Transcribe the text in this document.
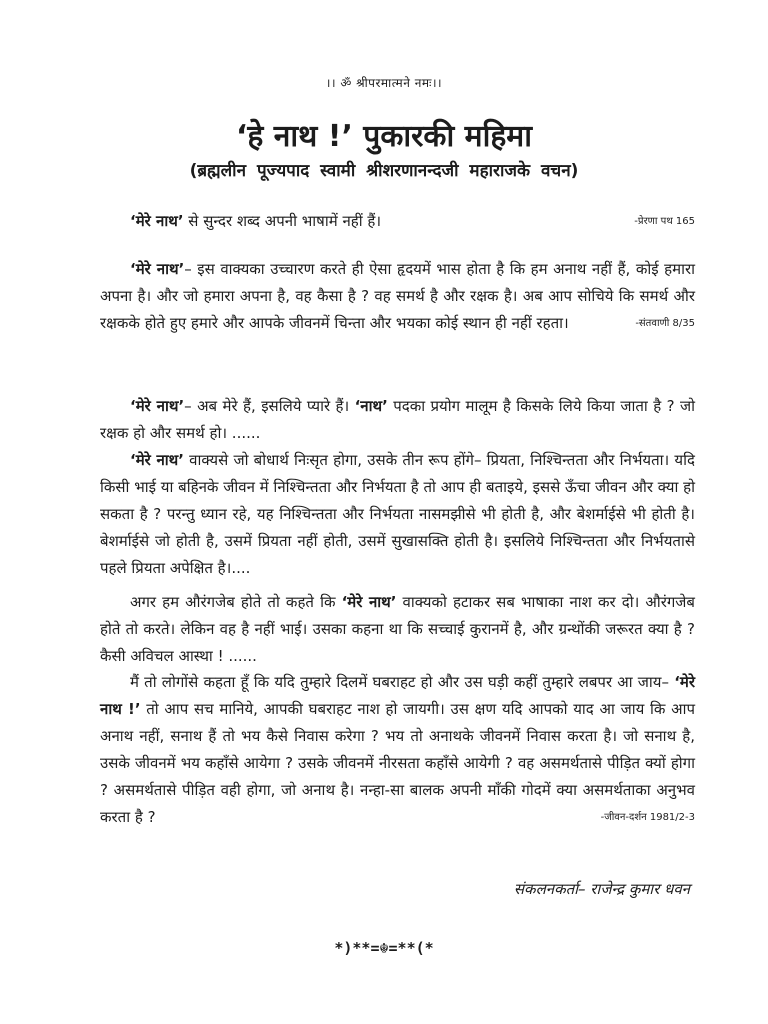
।। ॐ श्रीपरमात्मने नमः।।
‘हे नाथ !’ पुकारकी महिमा
(ब्रह्मलीन पूज्यपाद स्वामी श्रीशरणानन्दजी महाराजके वचन)
-प्रेरणा पथ 165
‘मेरे नाथ’ से सुन्दर शब्द अपनी भाषामें नहीं हैं।
‘मेरे नाथ’– इस वाक्यका उच्चारण करते ही ऐसा हृदयमें भास होता है कि हम अनाथ नहीं हैं, कोई हमारा अपना है। और जो हमारा अपना है, वह कैसा है ? वह समर्थ है और रक्षक है। अब आप सोचिये कि समर्थ और रक्षकके होते हुए हमारे और आपके जीवनमें चिन्ता और भयका कोई स्थान ही नहीं रहता।	-संतवाणी 8/35
‘मेरे नाथ’– अब मेरे हैं, इसलिये प्यारे हैं। ‘नाथ’ पदका प्रयोग मालूम है किसके लिये किया जाता है ? जो रक्षक हो और समर्थ हो। ......
‘मेरे नाथ’ वाक्यसे जो बोधार्थ निःसृत होगा, उसके तीन रूप होंगे– प्रियता, निश्चिन्तता और निर्भयता। यदि किसी भाई या बहिनके जीवन में निश्चिन्तता और निर्भयता है तो आप ही बताइये, इससे ऊँचा जीवन और क्या हो सकता है ? परन्तु ध्यान रहे, यह निश्चिन्तता और निर्भयता नासमझीसे भी होती है, और बेशर्माईसे भी होती है। बेशर्माईसे जो होती है, उसमें प्रियता नहीं होती, उसमें सुखासक्ति होती है। इसलिये निश्चिन्तता और निर्भयतासे पहले प्रियता अपेक्षित है।....
अगर हम औरंगजेब होते तो कहते कि ‘मेरे नाथ’ वाक्यको हटाकर सब भाषाका नाश कर दो। औरंगजेब होते तो करते। लेकिन वह है नहीं भाई। उसका कहना था कि सच्चाई कुरानमें है, और ग्रन्थोंकी जरूरत क्या है ? कैसी अविचल आस्था ! ......
मैं तो लोगोंसे कहता हूँ कि यदि तुम्हारे दिलमें घबराहट हो और उस घड़ी कहीं तुम्हारे लबपर आ जाय– ‘मेरे नाथ !’ तो आप सच मानिये, आपकी घबराहट नाश हो जायगी। उस क्षण यदि आपको याद आ जाय कि आप अनाथ नहीं, सनाथ हैं तो भय कैसे निवास करेगा ? भय तो अनाथके जीवनमें निवास करता है। जो सनाथ है, उसके जीवनमें भय कहाँसे आयेगा ? उसके जीवनमें नीरसता कहाँसे आयेगी ? वह असमर्थतासे पीड़ित क्यों होगा ? असमर्थतासे पीड़ित वही होगा, जो अनाथ है। नन्हा-सा बालक अपनी माँकी गोदमें क्या असमर्थताका अनुभव करता है ?	-जीवन-दर्शन 1981/2-3
संकलनकर्ता– राजेन्द्र कुमार धवन
*)**=☬=**(*
